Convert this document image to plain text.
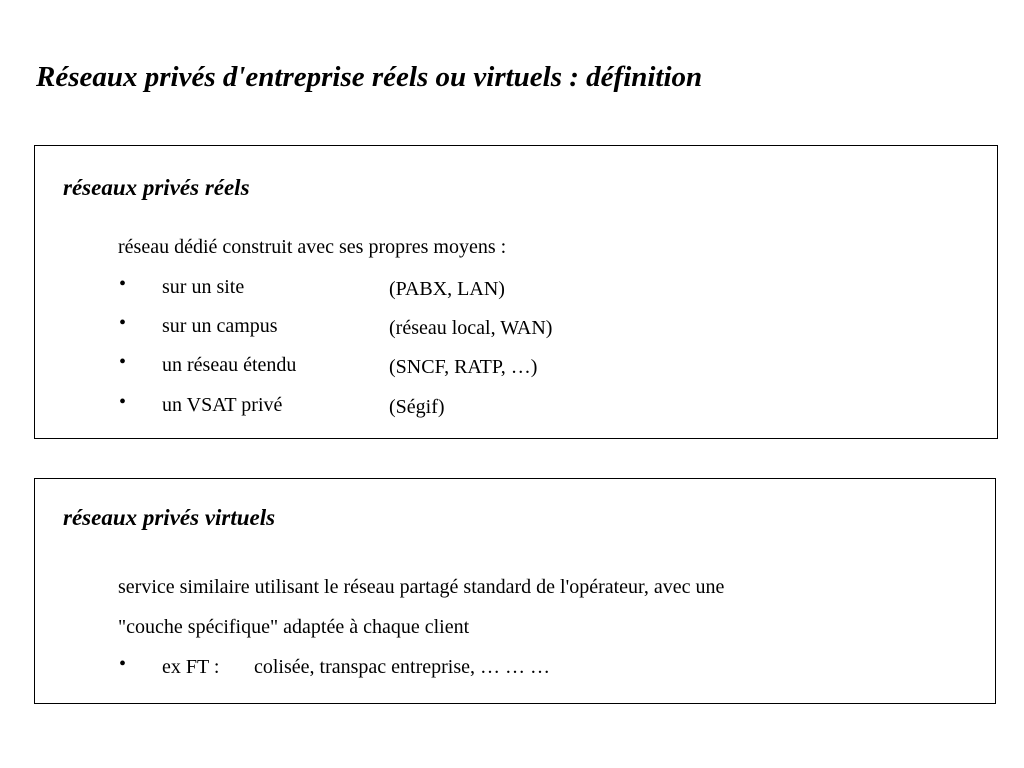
Réseaux privés d'entreprise réels ou virtuels : définition
réseaux privés réels
réseau dédié construit avec ses propres moyens :
• sur un site	(PABX, LAN)
• sur un campus	(réseau local, WAN)
• un réseau étendu	(SNCF, RATP, …)
• un VSAT privé	(Ségif)
réseaux privés virtuels
service similaire utilisant le réseau partagé standard de l'opérateur, avec une
"couche spécifique" adaptée à chaque client
• ex FT : colisée, transpac entreprise, … … …
